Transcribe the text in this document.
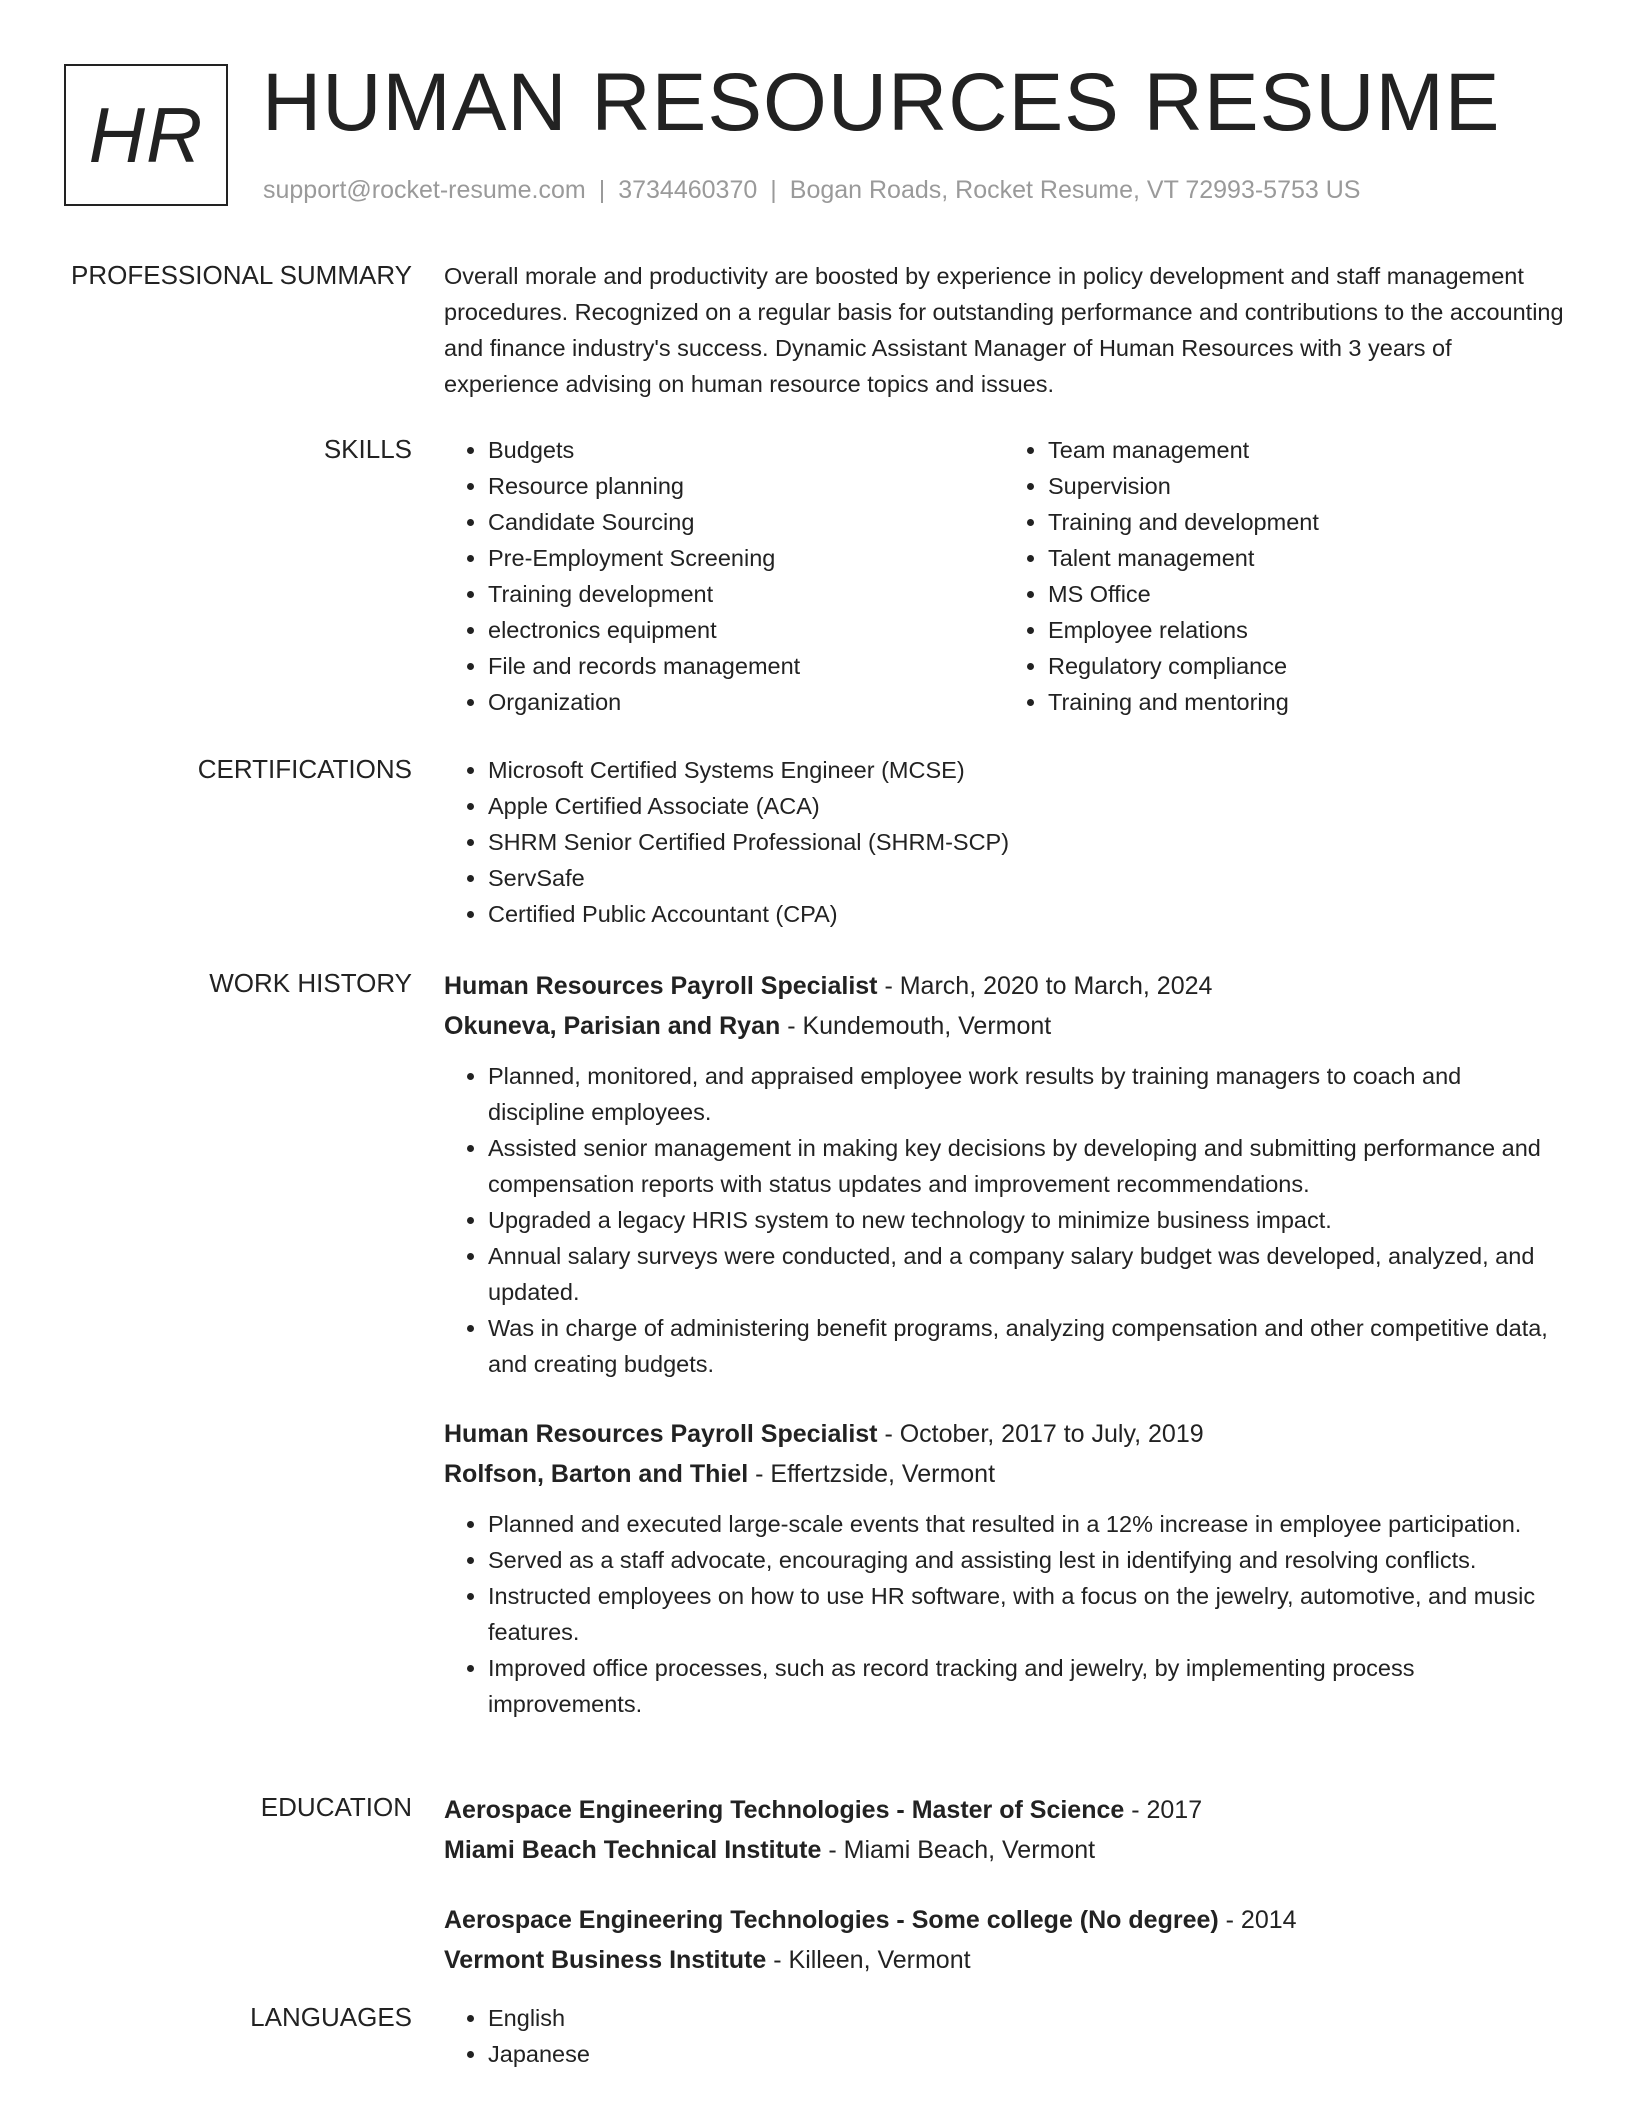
HR HUMAN RESOURCES RESUME
support@rocket-resume.com | 3734460370 | Bogan Roads, Rocket Resume, VT 72993-5753 US
PROFESSIONAL SUMMARY Overall morale and productivity are boosted by experience in policy development and staff management procedures. Recognized on a regular basis for outstanding performance and contributions to the accounting and finance industry's success. Dynamic Assistant Manager of Human Resources with 3 years of experience advising on human resource topics and issues.

SKILLS	• Budgets
• Resource planning
• Candidate Sourcing
• Pre-Employment Screening
• Training development
• electronics equipment
• File and records management
• Organization
• Team management
• Supervision
• Training and development
• Talent management
• MS Office
• Employee relations
• Regulatory compliance
• Training and mentoring
CERTIFICATIONS	• Microsoft Certified Systems Engineer (MCSE)
• Apple Certified Associate (ACA)
• SHRM Senior Certified Professional (SHRM-SCP)
• ServSafe
• Certified Public Accountant (CPA)
WORK HISTORY Human Resources Payroll Specialist - March, 2020 to March, 2024
Okuneva, Parisian and Ryan - Kundemouth, Vermont
• Planned, monitored, and appraised employee work results by training managers to coach and discipline employees.
• Assisted senior management in making key decisions by developing and submitting performance and compensation reports with status updates and improvement recommendations.
• Upgraded a legacy HRIS system to new technology to minimize business impact.
• Annual salary surveys were conducted, and a company salary budget was developed, analyzed, and updated.
• Was in charge of administering benefit programs, analyzing compensation and other competitive data, and creating budgets.
Human Resources Payroll Specialist - October, 2017 to July, 2019
Rolfson, Barton and Thiel - Effertzside, Vermont
• Planned and executed large-scale events that resulted in a 12% increase in employee participation.
• Served as a staff advocate, encouraging and assisting lest in identifying and resolving conflicts.
• Instructed employees on how to use HR software, with a focus on the jewelry, automotive, and music features.
• Improved office processes, such as record tracking and jewelry, by implementing process improvements.
EDUCATION Aerospace Engineering Technologies - Master of Science - 2017
Miami Beach Technical Institute - Miami Beach, Vermont
Aerospace Engineering Technologies - Some college (No degree) - 2014
Vermont Business Institute - Killeen, Vermont
LANGUAGES	• English
• Japanese
